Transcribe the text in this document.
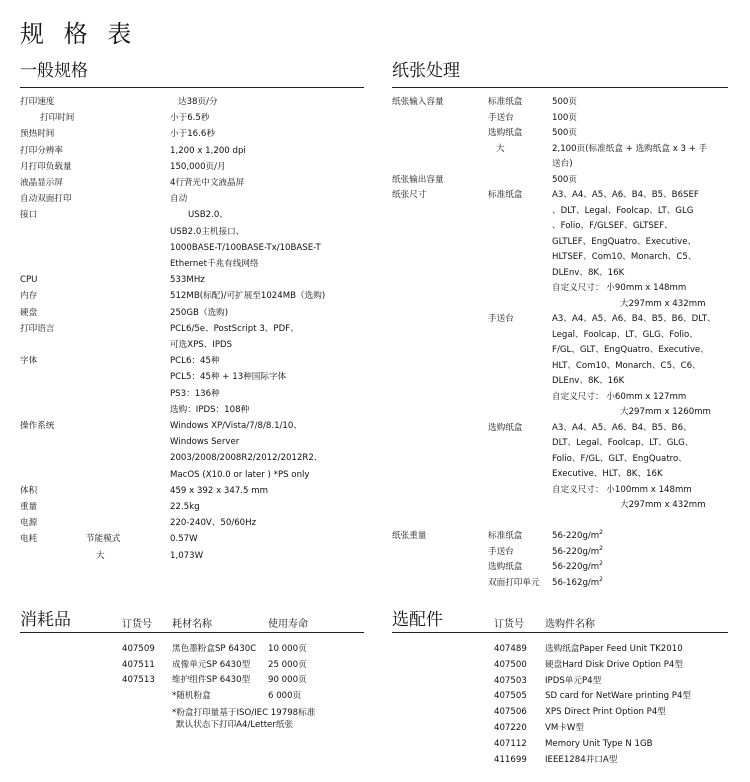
规 格 表
一般规格
打印速度	达38页/分
打印时间	小于6.5秒
预热时间	小于16.6秒
打印分辨率	1,200 x 1,200 dpi
月打印负载量	150,000页/月
液晶显示屏	4行背光中文液晶屏
自动双面打印	自动
接口	USB2.0、
USB2.0主机接口、
1000BASE-T/100BASE-Tx/10BASE-T
Ethernet千兆有线网络
CPU	533MHz
内存	512MB(标配)/可扩展至1024MB（选购)
硬盘	250GB（选购)
打印语言	PCL6/5e、PostScript 3、PDF、
可选XPS、IPDS
字体	PCL6：45种
PCL5：45种 + 13种国际字体
PS3：136种
选购：IPDS：108种
操作系统	Windows XP/Vista/7/8/8.1/10、
Windows Server
2003/2008/2008R2/2012/2012R2、
MacOS (X10.0 or later ) *PS only
体积	459 x 392 x 347.5 mm
重量	22.5kg
电源	220-240V、50/60Hz
电耗	节能模式	0.57W
大	1,073W
纸张处理
纸张输入容量	标准纸盒	500页
手送台	100页
选购纸盒	500页
大	2,100页(标准纸盒 + 选购纸盒 x 3 + 手
送台)
纸张输出容量	500页
纸张尺寸	标准纸盒	A3、A4、A5、A6、B4、B5、B6SEF
、DLT、Legal、Foolcap、LT、GLG
、Folio、F/GLSEF、GLTSEF、
GLTLEF、EngQuatro、Executive、
HLTSEF、Com10、Monarch、C5、
DLEnv、8K、16K
自定义尺寸： 小90mm x 148mm
大297mm x 432mm
手送台	A3、A4、A5、A6、B4、B5、B6、DLT、
Legal、Foolcap、LT、GLG、Folio、
F/GL、GLT、EngQuatro、Executive、
HLT、Com10、Monarch、C5、C6、
DLEnv、8K、16K
自定义尺寸： 小60mm x 127mm
大297mm x 1260mm
选购纸盒	A3、A4、A5、A6、B4、B5、B6、
DLT、Legal、Foolcap、LT、GLG、
Folio、F/GL、GLT、EngQuatro、
Executive、HLT、8K、16K
自定义尺寸： 小100mm x 148mm
大297mm x 432mm
纸张重量	标准纸盒	$56-220g/m^2$
手送台	$56-220g/m^2$
选购纸盒	$56-220g/m^2$
双面打印单元 $56-162g/m^2$
消耗品	订货号 耗材名称	使用寿命
407509 黑色墨粉盒SP 6430C 10 000页
407511 成像单元SP 6430型 25 000页
407513 维护组件SP 6430型 90 000页
*随机粉盒	6 000页
*粉盒打印量基于ISO/IEC 19798标准
默认状态下打印A4/Letter纸张
选配件	订货号 选购件名称
407489 选购纸盒Paper Feed Unit TK2010
407500 硬盘Hard Disk Drive Option P4型
407503 IPDS单元P4型
407505 SD card for NetWare printing P4型
407506 XPS Direct Print Option P4型
407220 VM卡W型
407112 Memory Unit Type N 1GB
411699 IEEE1284并口A型
